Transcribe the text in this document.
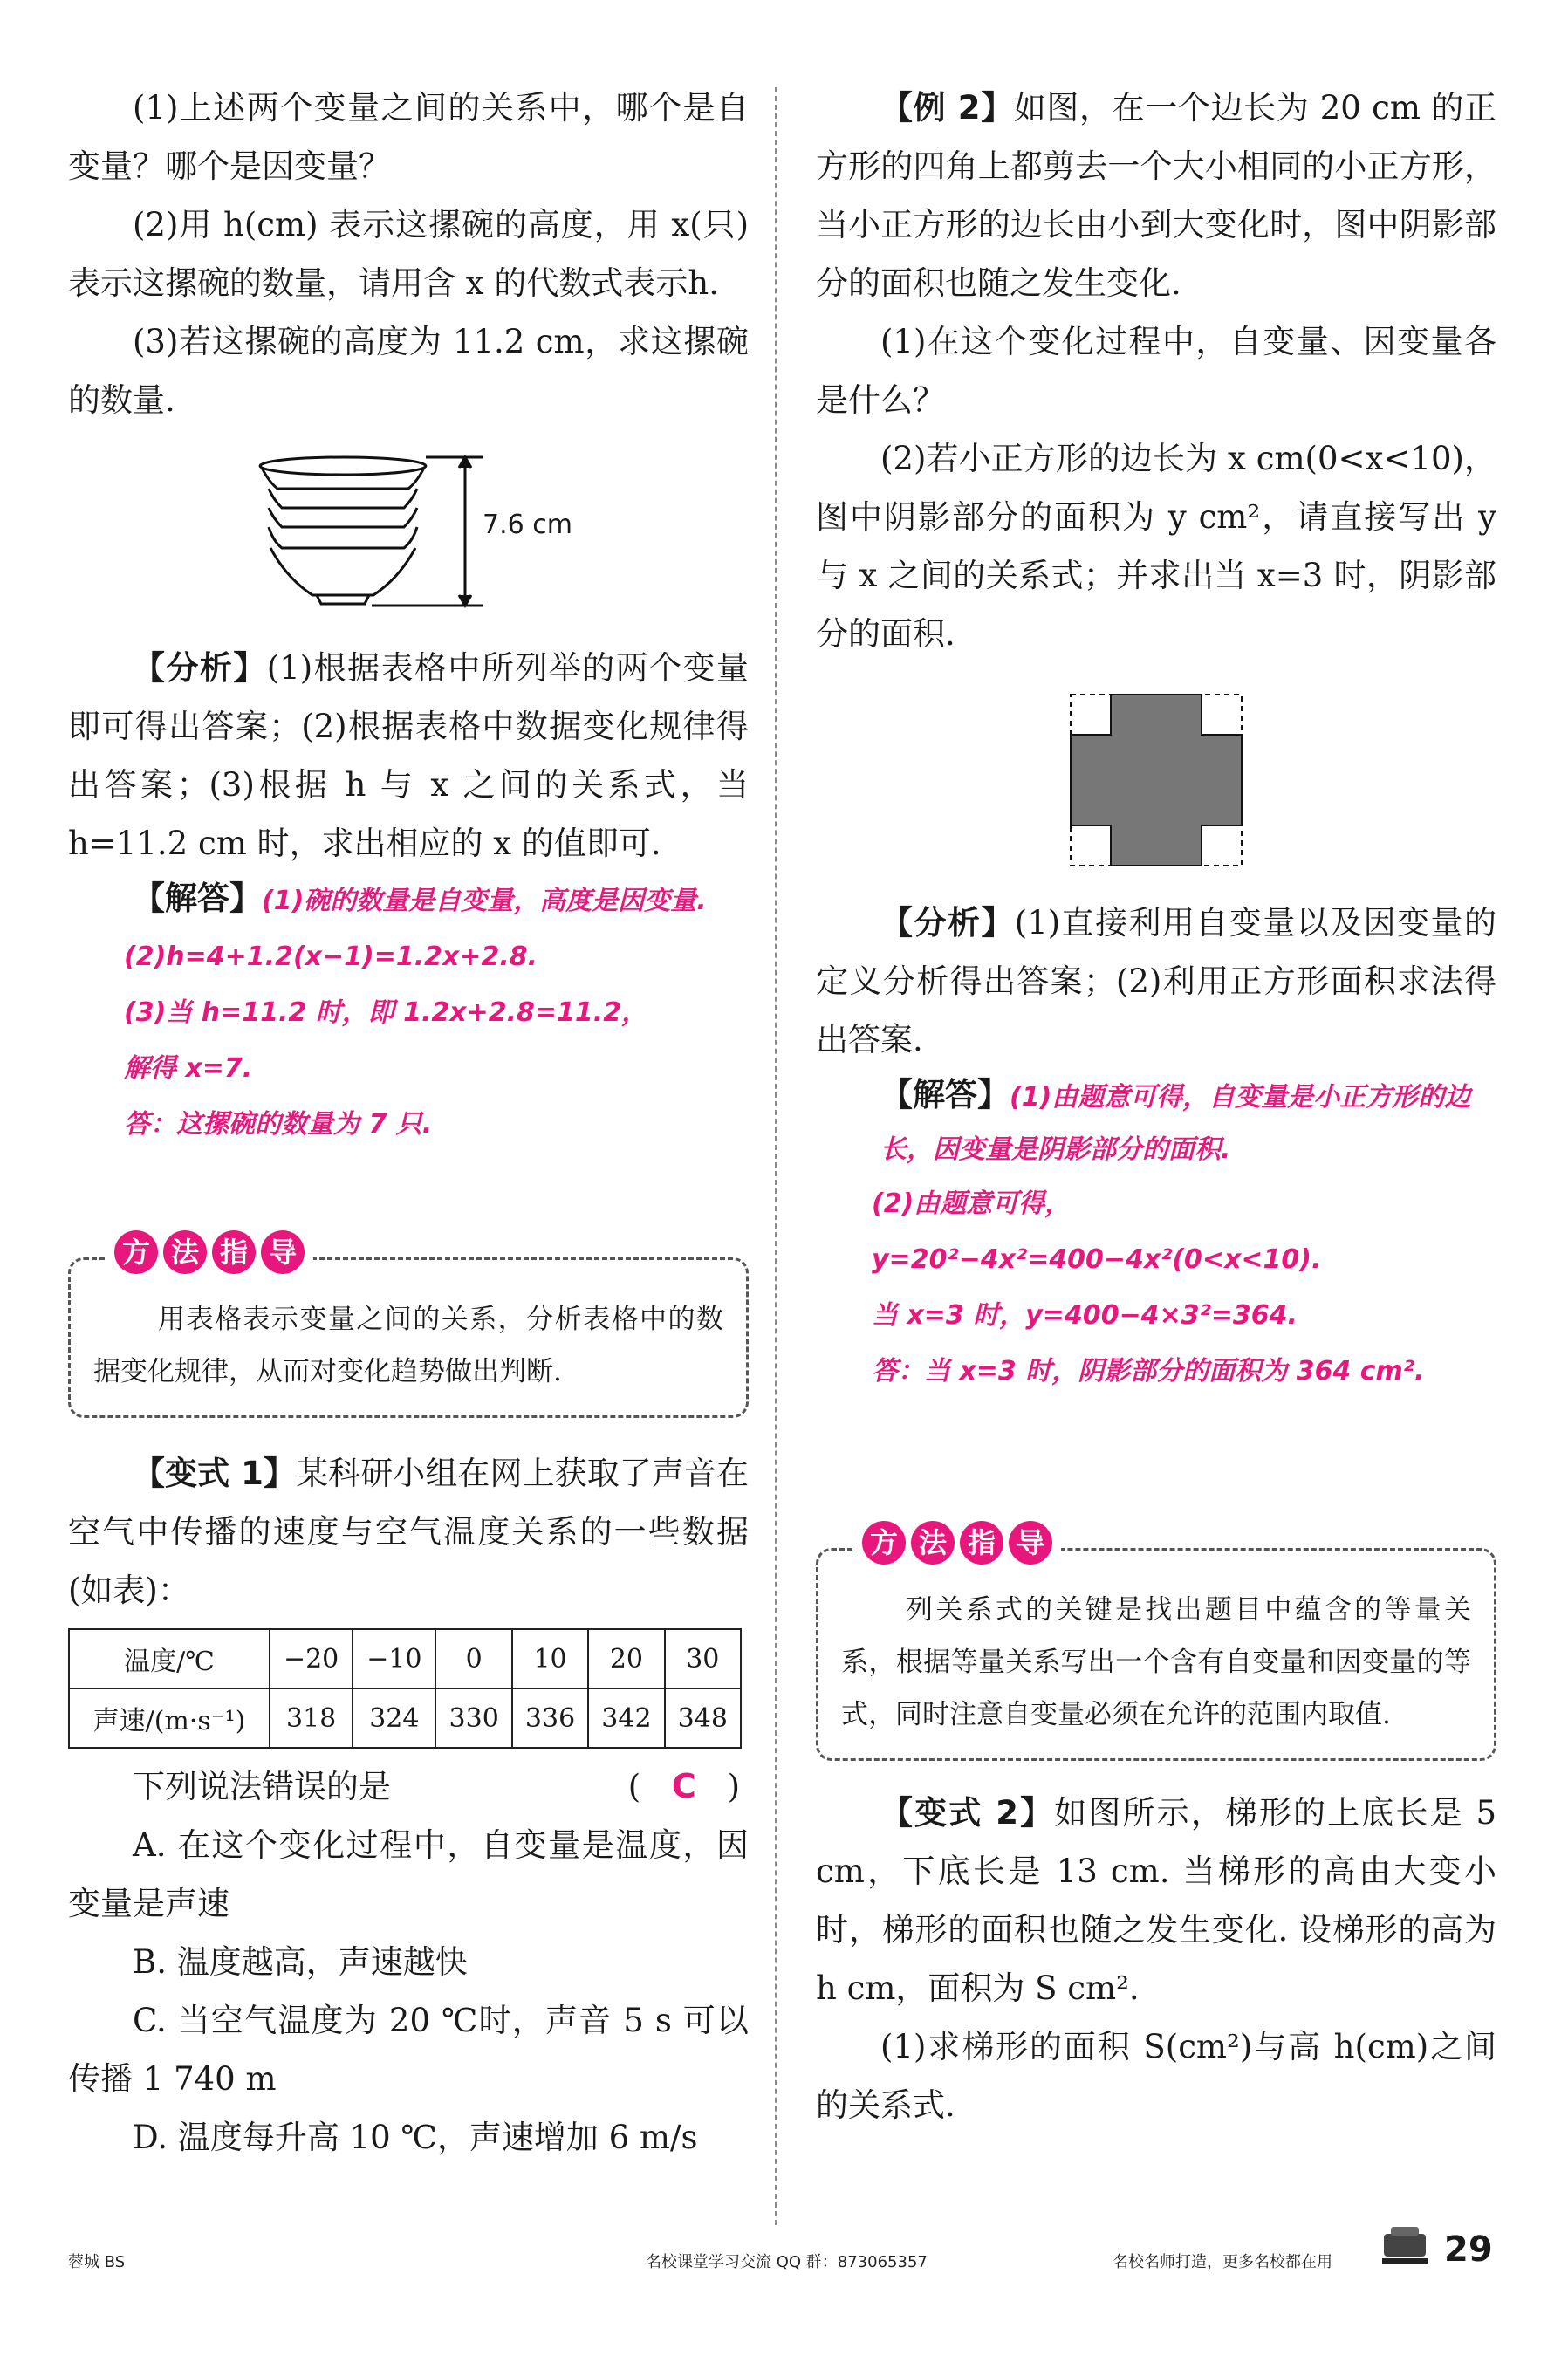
(1)上述两个变量之间的关系中，哪个是自变量？哪个是因变量？

(2)用 h(cm) 表示这摞碗的高度，用 x(只) 表示这摞碗的数量，请用含 x 的代数式表示h.

(3)若这摞碗的高度为 11.2 cm，求这摞碗的数量.

7.6 cm

【分析】(1)根据表格中所列举的两个变量即可得出答案；(2)根据表格中数据变化规律得出答案；(3)根据 h 与 x 之间的关系式，当 h=11.2 cm 时，求出相应的 x 的值即可.

【解答】(1)碗的数量是自变量，高度是因变量.

(2)h=4+1.2(x−1)=1.2x+2.8.
(3)当 h=11.2 时，即 1.2x+2.8=11.2，
解得 x=7.
答：这摞碗的数量为 7 只.
方 法 指 导

用表格表示变量之间的关系，分析表格中的数据变化规律，从而对变化趋势做出判断.

【变式 1】某科研小组在网上获取了声音在空气中传播的速度与空气温度关系的一些数据(如表)：

温度/℃	−20	−10	0	10	20	30
声速/(m·s⁻¹)	318	324	330	336	342	348

下列说法错误的是	( C )

A. 在这个变化过程中，自变量是温度，因变量是声速

B. 温度越高，声速越快

C. 当空气温度为 20 ℃时，声音 5 s 可以传播 1 740 m

D. 温度每升高 10 ℃，声速增加 6 m/s

【例 2】如图，在一个边长为 20 cm 的正方形的四角上都剪去一个大小相同的小正方形，当小正方形的边长由小到大变化时，图中阴影部分的面积也随之发生变化.

(1)在这个变化过程中，自变量、因变量各是什么？

(2)若小正方形的边长为 x cm(0<x<10)，图中阴影部分的面积为 y cm²，请直接写出 y 与 x 之间的关系式；并求出当 x=3 时，阴影部分的面积.

【分析】(1)直接利用自变量以及因变量的定义分析得出答案；(2)利用正方形面积求法得出答案.

【解答】(1)由题意可得，自变量是小正方形的边长，因变量是阴影部分的面积.
(2)由题意可得，y=20²−4x²=400−4x²(0<x<10).
当 x=3 时，y=400−4×3²=364.
答：当 x=3 时，阴影部分的面积为 364 cm².
方 法 指 导

列关系式的关键是找出题目中蕴含的等量关系，根据等量关系写出一个含有自变量和因变量的等式，同时注意自变量必须在允许的范围内取值.

【变式 2】如图所示，梯形的上底长是 5 cm，下底长是 13 cm. 当梯形的高由大变小时，梯形的面积也随之发生变化. 设梯形的高为h cm，面积为 S cm².

(1)求梯形的面积 S(cm²)与高 h(cm)之间的关系式.

蓉城 BS	名校课堂学习交流 QQ 群：873065357	名校名师打造，更多名校都在用	29
